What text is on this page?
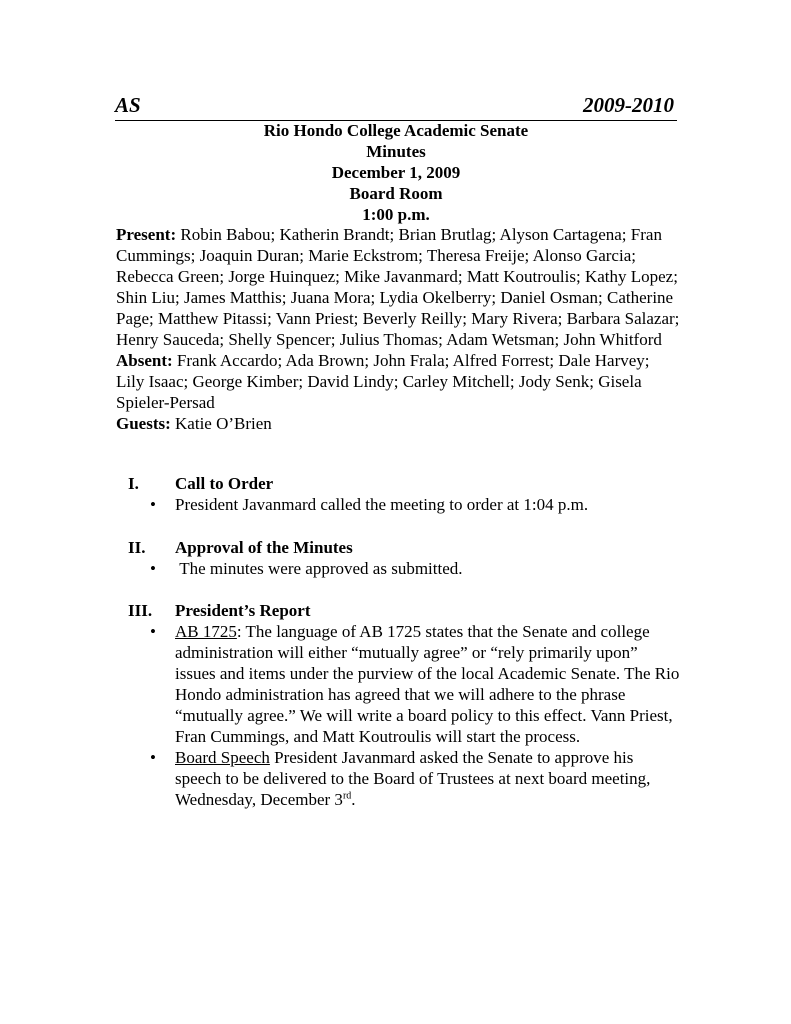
AS	2009-2010
Rio Hondo College Academic Senate
Minutes
December 1, 2009
Board Room
1:00 p.m.

Present: Robin Babou; Katherin Brandt; Brian Brutlag; Alyson Cartagena; Fran Cummings; Joaquin Duran; Marie Eckstrom; Theresa Freije; Alonso Garcia; Rebecca Green; Jorge Huinquez; Mike Javanmard; Matt Koutroulis; Kathy Lopez; Shin Liu; James Matthis; Juana Mora; Lydia Okelberry; Daniel Osman; Catherine Page; Matthew Pitassi; Vann Priest; Beverly Reilly; Mary Rivera; Barbara Salazar; Henry Sauceda; Shelly Spencer; Julius Thomas; Adam Wetsman; John Whitford

Absent: Frank Accardo; Ada Brown; John Frala; Alfred Forrest; Dale Harvey; Lily Isaac; George Kimber; David Lindy; Carley Mitchell; Jody Senk; Gisela Spieler-Persad

Guests: Katie O’Brien

I. Call to Order
• President Javanmard called the meeting to order at 1:04 p.m.
II. Approval of the Minutes
• The minutes were approved as submitted.
III. President’s Report
• AB 1725: The language of AB 1725 states that the Senate and college administration will either “mutually agree” or “rely primarily upon” issues and items under the purview of the local Academic Senate. The Rio Hondo administration has agreed that we will adhere to the phrase “mutually agree.” We will write a board policy to this effect. Vann Priest, Fran Cummings, and Matt Koutroulis will start the process.
• Board Speech President Javanmard asked the Senate to approve his speech to be delivered to the Board of Trustees at next board meeting, Wednesday, December 3rd.
